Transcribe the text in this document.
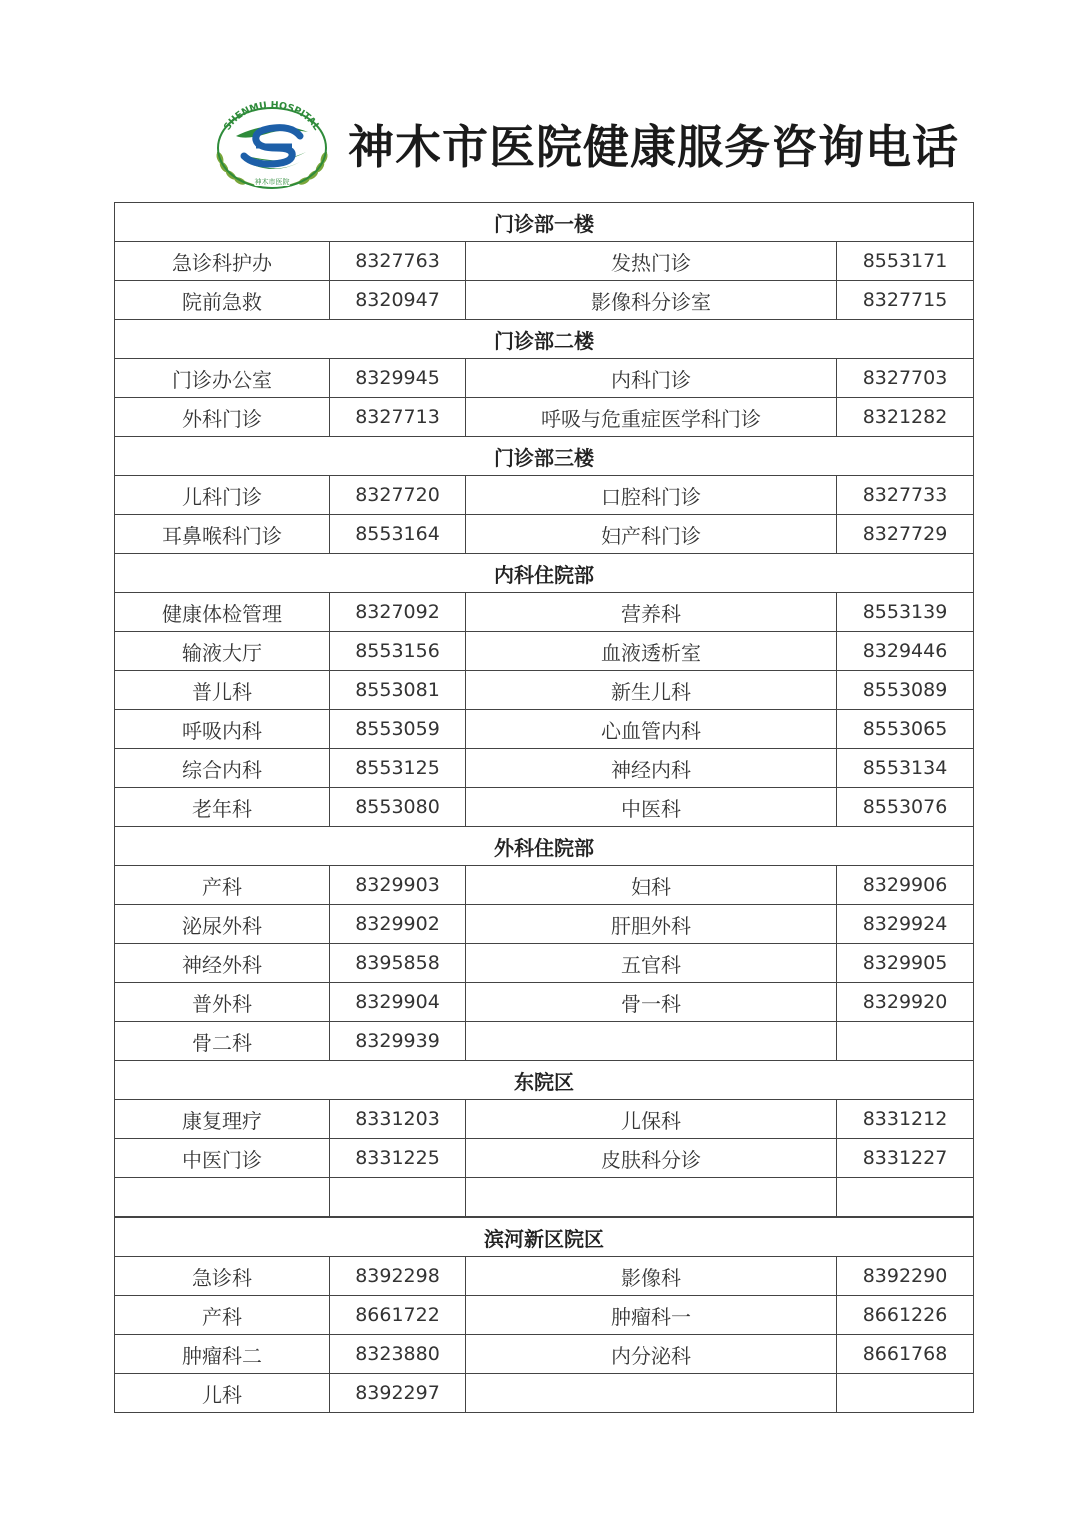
SHENMU HOSPITAL
神木市医院
神木市医院健康服务咨询电话
门诊部一楼			
急诊科护办	8327763	发热门诊	8553171
院前急救	8320947	影像科分诊室	8327715
门诊部二楼			
门诊办公室	8329945	内科门诊	8327703
外科门诊	8327713	呼吸与危重症医学科门诊	8321282
门诊部三楼			
儿科门诊	8327720	口腔科门诊	8327733
耳鼻喉科门诊	8553164	妇产科门诊	8327729
内科住院部			
健康体检管理	8327092	营养科	8553139
输液大厅	8553156	血液透析室	8329446
普儿科	8553081	新生儿科	8553089
呼吸内科	8553059	心血管内科	8553065
综合内科	8553125	神经内科	8553134
老年科	8553080	中医科	8553076
外科住院部			
产科	8329903	妇科	8329906
泌尿外科	8329902	肝胆外科	8329924
神经外科	8395858	五官科	8329905
普外科	8329904	骨一科	8329920
骨二科	8329939		
东院区			
康复理疗	8331203	儿保科	8331212
中医门诊	8331225	皮肤科分诊	8331227

滨河新区院区			
急诊科	8392298	影像科	8392290
产科	8661722	肿瘤科一	8661226
肿瘤科二	8323880	内分泌科	8661768
儿科	8392297		
